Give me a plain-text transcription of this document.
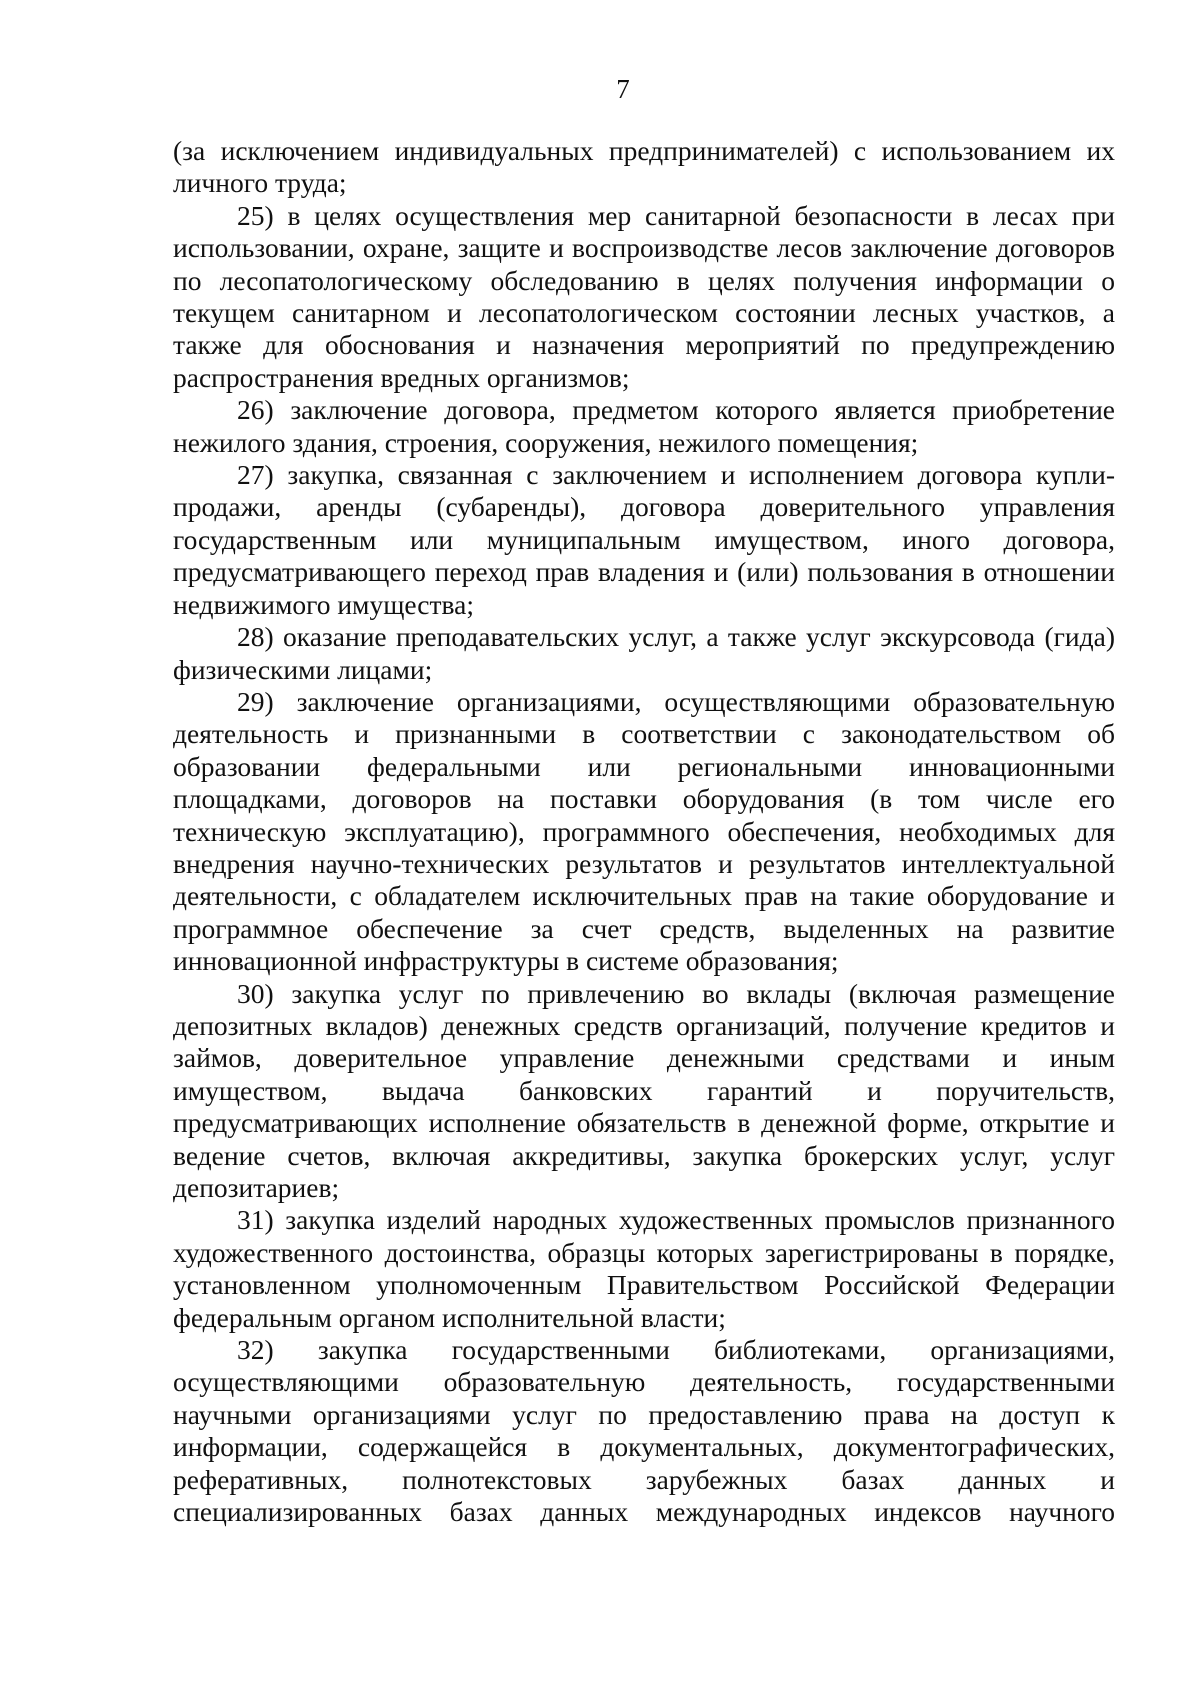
7

(за исключением индивидуальных предпринимателей) с использованием их личного труда;

25) в целях осуществления мер санитарной безопасности в лесах при использовании, охране, защите и воспроизводстве лесов заключение договоров по лесопатологическому обследованию в целях получения информации о текущем санитарном и лесопатологическом состоянии лесных участков, а также для обоснования и назначения мероприятий по предупреждению распространения вредных организмов;

26) заключение договора, предметом которого является приобретение нежилого здания, строения, сооружения, нежилого помещения;

27) закупка, связанная с заключением и исполнением договора купли-продажи, аренды (субаренды), договора доверительного управления государственным или муниципальным имуществом, иного договора, предусматривающего переход прав владения и (или) пользования в отношении недвижимого имущества;

28) оказание преподавательских услуг, а также услуг экскурсовода (гида) физическими лицами;

29) заключение организациями, осуществляющими образовательную деятельность и признанными в соответствии с законодательством об образовании федеральными или региональными инновационными площадками, договоров на поставки оборудования (в том числе его техническую эксплуатацию), программного обеспечения, необходимых для внедрения научно-технических результатов и результатов интеллектуальной деятельности, с обладателем исключительных прав на такие оборудование и программное обеспечение за счет средств, выделенных на развитие инновационной инфраструктуры в системе образования;

30) закупка услуг по привлечению во вклады (включая размещение депозитных вкладов) денежных средств организаций, получение кредитов и займов, доверительное управление денежными средствами и иным имуществом, выдача банковских гарантий и поручительств, предусматривающих исполнение обязательств в денежной форме, открытие и ведение счетов, включая аккредитивы, закупка брокерских услуг, услуг депозитариев;

31) закупка изделий народных художественных промыслов признанного художественного достоинства, образцы которых зарегистрированы в порядке, установленном уполномоченным Правительством Российской Федерации федеральным органом исполнительной власти;

32) закупка государственными библиотеками, организациями, осуществляющими образовательную деятельность, государственными научными организациями услуг по предоставлению права на доступ к информации, содержащейся в документальных, документографических, реферативных, полнотекстовых зарубежных базах данных и специализированных базах данных международных индексов научного
